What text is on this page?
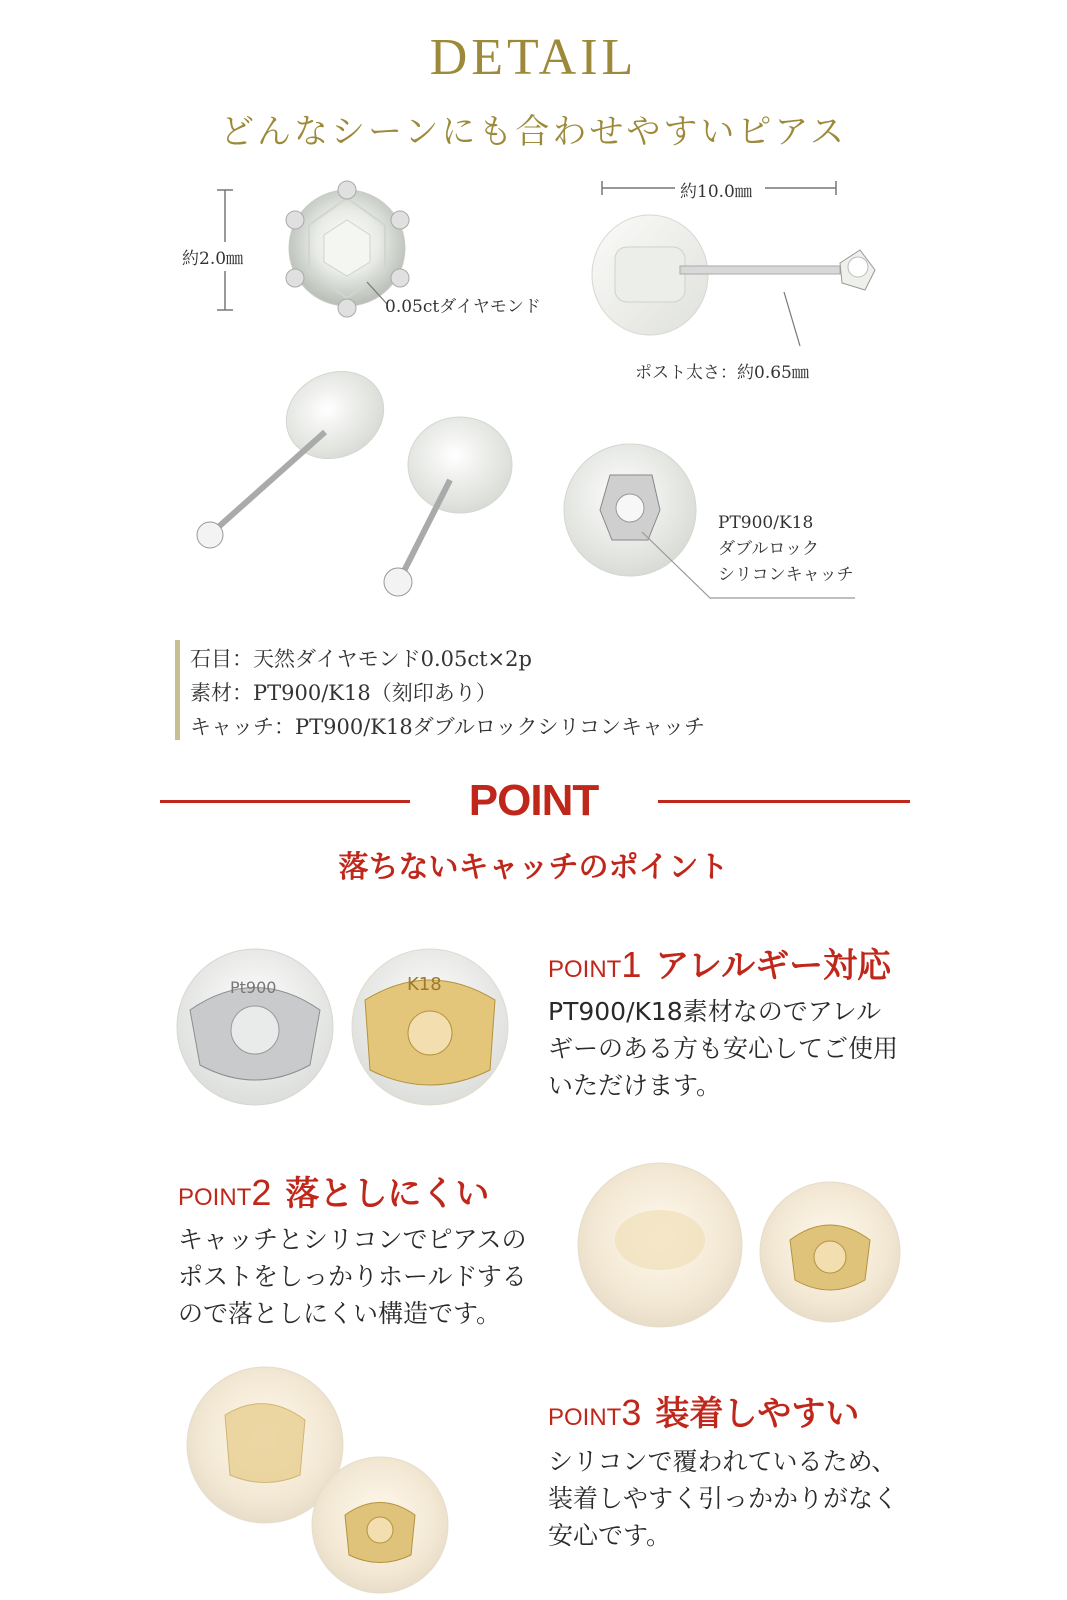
DETAIL
どんなシーンにも合わせやすいピアス
約2.0㎜
0.05ctダイヤモンド
約10.0㎜
ポスト太さ：約0.65㎜
PT900/K18
ダブルロック
シリコンキャッチ
石目：天然ダイヤモンド0.05ct×2p
素材：PT900/K18（刻印あり）
キャッチ：PT900/K18ダブルロックシリコンキャッチ
POINT
落ちないキャッチのポイント
Pt900	K18
POINT1 アレルギー対応
PT900/K18素材なのでアレル
ギーのある方も安心してご使用
いただけます。
POINT2 落としにくい
キャッチとシリコンでピアスの
ポストをしっかりホールドする
ので落としにくい構造です。
POINT3 装着しやすい
シリコンで覆われているため、
装着しやすく引っかかりがなく
安心です。
